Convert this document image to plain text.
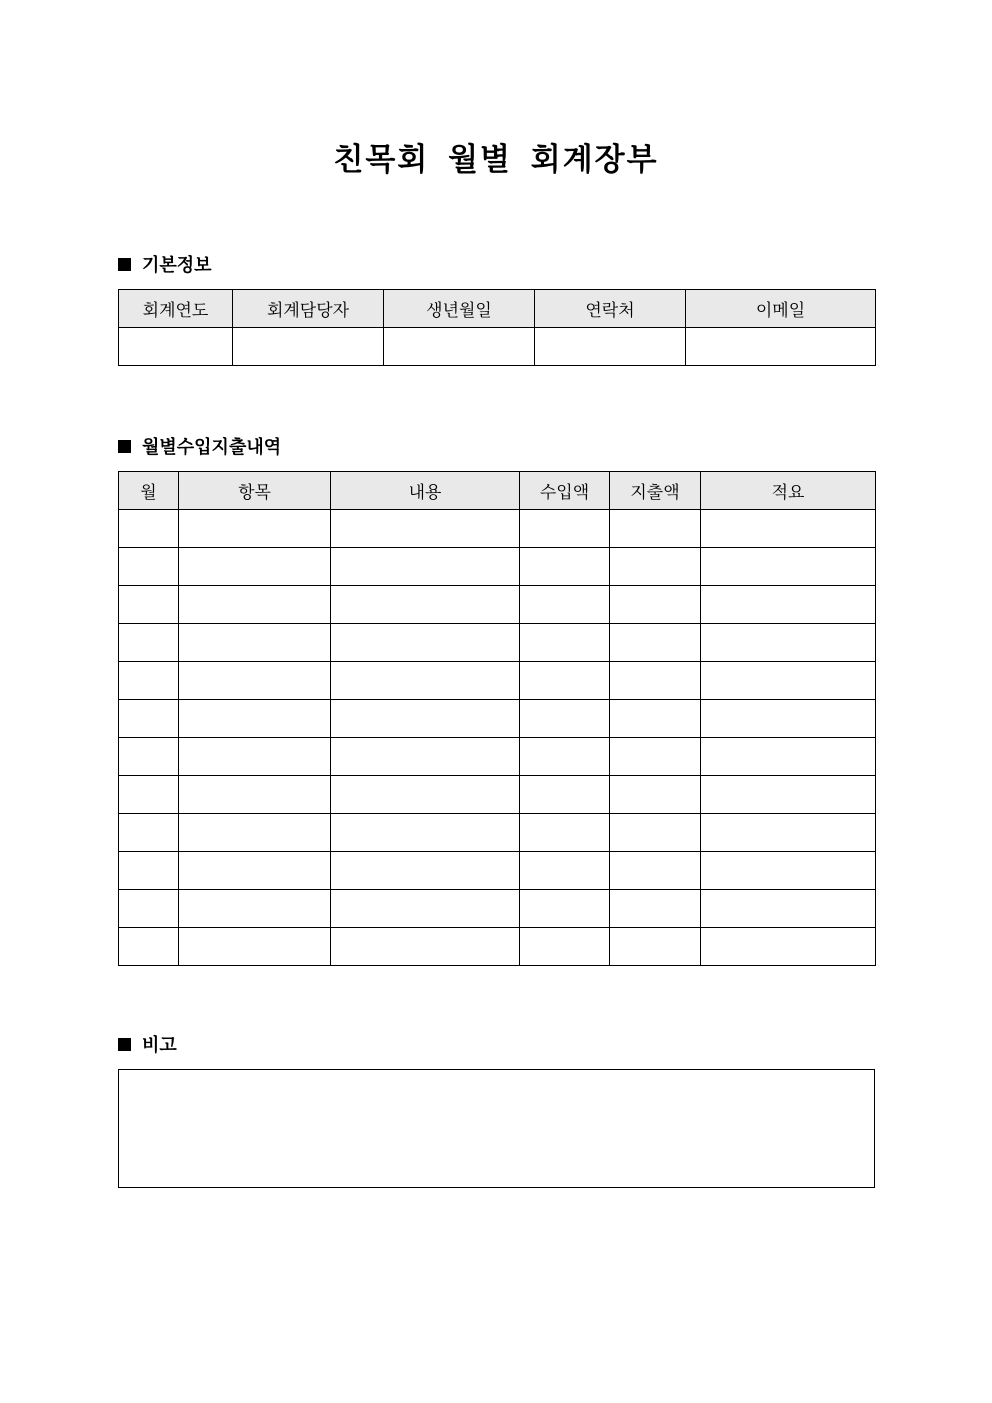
친목회 월별 회계장부
기본정보
회계연도	회계담당자	생년월일	연락처	이메일

월별수입지출내역
월	항목	내용	수입액	지출액	적요

비고
